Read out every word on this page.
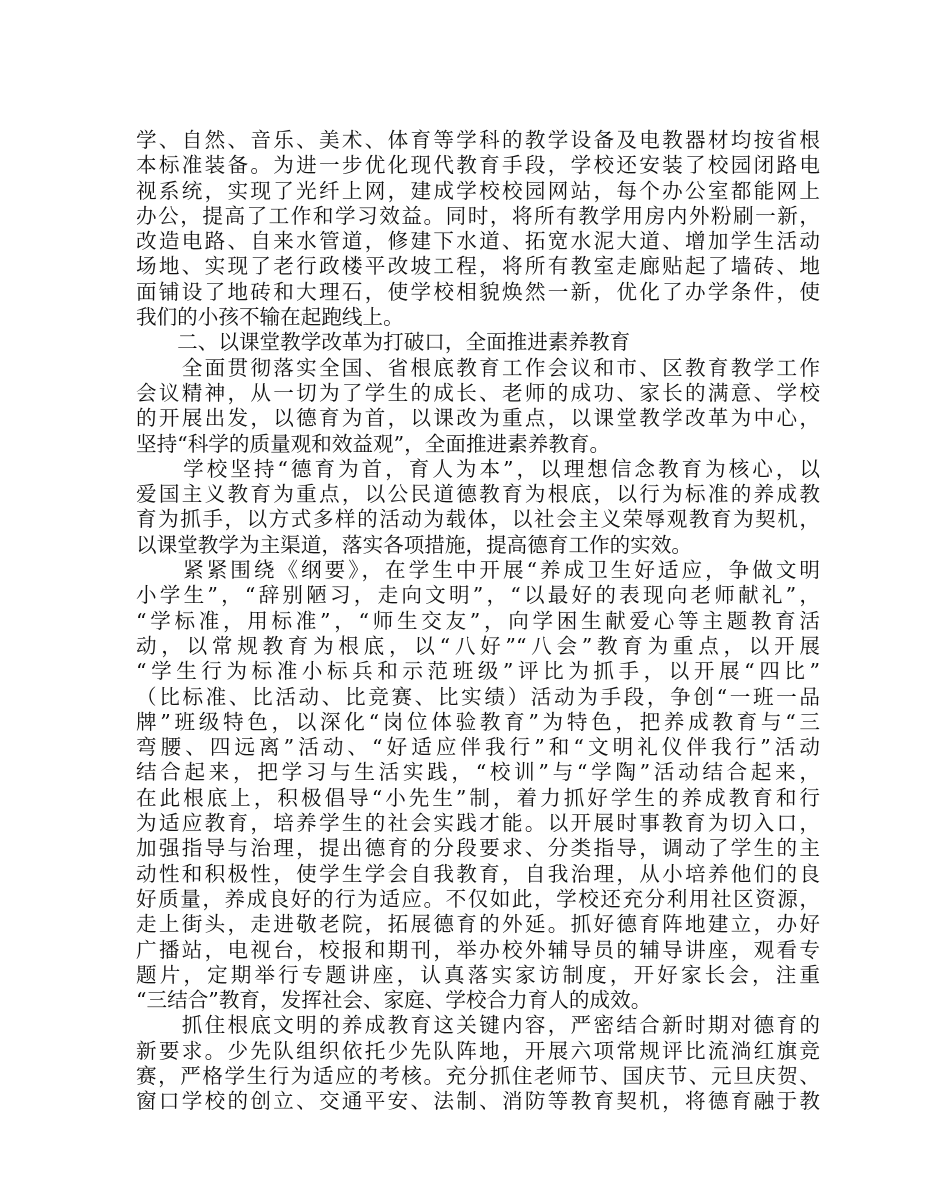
学、自然、音乐、美术、体育等学科的教学设备及电教器材均按省根
本标准装备。为进一步优化现代教育手段，学校还安装了校园闭路电
视系统，实现了光纤上网，建成学校校园网站，每个办公室都能网上
办公，提高了工作和学习效益。同时，将所有教学用房内外粉刷一新，
改造电路、自来水管道，修建下水道、拓宽水泥大道、增加学生活动
场地、实现了老行政楼平改坡工程，将所有教室走廊贴起了墙砖、地
面铺设了地砖和大理石，使学校相貌焕然一新，优化了办学条件，使
我们的小孩不输在起跑线上。
　　二、以课堂教学改革为打破口，全面推进素养教育
　　全面贯彻落实全国、省根底教育工作会议和市、区教育教学工作
会议精神，从一切为了学生的成长、老师的成功、家长的满意、学校
的开展出发，以德育为首，以课改为重点，以课堂教学改革为中心，
坚持“科学的质量观和效益观”，全面推进素养教育。
　　学校坚持“德育为首，育人为本”，以理想信念教育为核心，以
爱国主义教育为重点，以公民道德教育为根底，以行为标准的养成教
育为抓手，以方式多样的活动为载体，以社会主义荣辱观教育为契机，
以课堂教学为主渠道，落实各项措施，提高德育工作的实效。
　　紧紧围绕《纲要》，在学生中开展“养成卫生好适应，争做文明
小学生”，“辞别陋习，走向文明”，“以最好的表现向老师献礼”，
“学标准，用标准”，“师生交友”，向学困生献爱心等主题教育活
动，以常规教育为根底，以“八好”“八会”教育为重点，以开展
“学生行为标准小标兵和示范班级”评比为抓手，以开展“四比”
（比标准、比活动、比竞赛、比实绩）活动为手段，争创“一班一品
牌”班级特色，以深化“岗位体验教育”为特色，把养成教育与“三
弯腰、四远离”活动、“好适应伴我行”和“文明礼仪伴我行”活动
结合起来，把学习与生活实践，“校训”与“学陶”活动结合起来，
在此根底上，积极倡导“小先生”制，着力抓好学生的养成教育和行
为适应教育，培养学生的社会实践才能。以开展时事教育为切入口，
加强指导与治理，提出德育的分段要求、分类指导，调动了学生的主
动性和积极性，使学生学会自我教育，自我治理，从小培养他们的良
好质量，养成良好的行为适应。不仅如此，学校还充分利用社区资源，
走上街头，走进敬老院，拓展德育的外延。抓好德育阵地建立，办好
广播站，电视台，校报和期刊，举办校外辅导员的辅导讲座，观看专
题片，定期举行专题讲座，认真落实家访制度，开好家长会，注重
“三结合”教育，发挥社会、家庭、学校合力育人的成效。
　　抓住根底文明的养成教育这关键内容，严密结合新时期对德育的
新要求。少先队组织依托少先队阵地，开展六项常规评比流淌红旗竞
赛，严格学生行为适应的考核。充分抓住老师节、国庆节、元旦庆贺、
窗口学校的创立、交通平安、法制、消防等教育契机，将德育融于教
